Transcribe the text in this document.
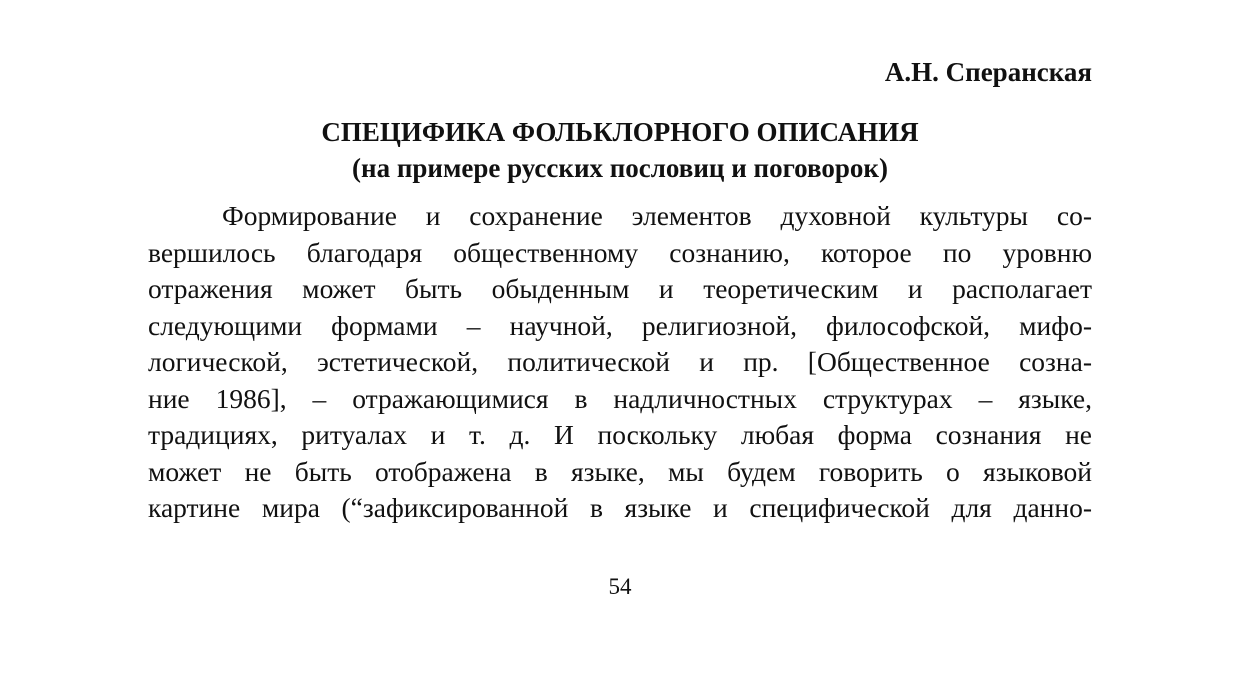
А.Н. Сперанская
СПЕЦИФИКА ФОЛЬКЛОРНОГО ОПИСАНИЯ
(на примере русских пословиц и поговорок)
Формирование и сохранение элементов духовной культуры со-
вершилось благодаря общественному сознанию, которое по уровню
отражения может быть обыденным и теоретическим и располагает
следующими формами – научной, религиозной, философской, мифо-
логической, эстетической, политической и пр. [Общественное созна-
ние 1986], – отражающимися в надличностных структурах – языке,
традициях, ритуалах и т. д. И поскольку любая форма сознания не
может не быть отображена в языке, мы будем говорить о языковой
картине мира (“зафиксированной в языке и специфической для данно-
54
